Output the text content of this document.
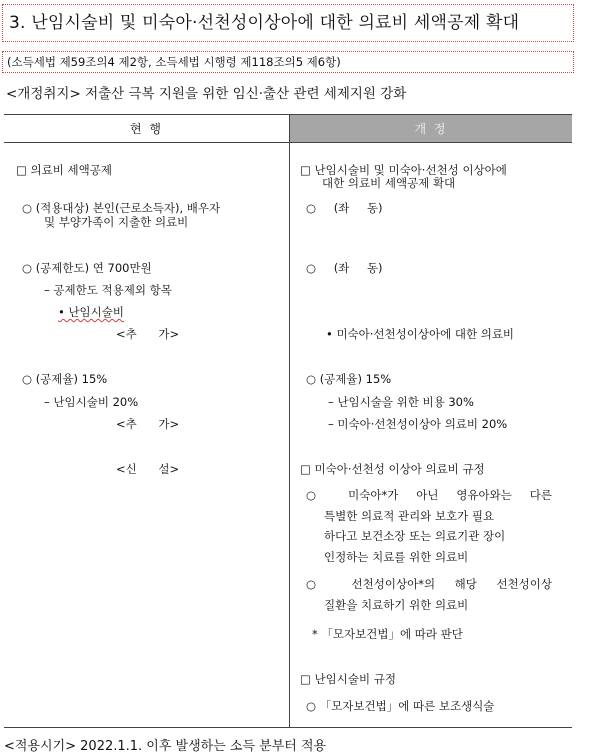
3. 난임시술비 및 미숙아·선천성이상아에 대한 의료비 세액공제 확대
(소득세법 제59조의4 제2항, 소득세법 시행령 제118조의5 제6항)
<개정취지> 저출산 극복 지원을 위한 임신·출산 관련 세제지원 강화
현 행	개 정
□ 의료비 세액공제
○ (적용대상) 본인(근로소득자), 배우자
및 부양가족이 지출한 의료비
○ (공제한도) 연 700만원
– 공제한도 적용제외 항목
• 난임시술비
<추 가>
○ (공제율) 15%
– 난임시술비 20%
<추 가>
<신 설>
□ 난임시술비 및 미숙아·선천성 이상아에
대한 의료비 세액공제 확대
○ (좌 동)
○ (좌 동)
• 미숙아·선천성이상아에 대한 의료비
○ (공제율) 15%
– 난임시술을 위한 비용 30%
– 미숙아·선천성이상아 의료비 20%
□ 미숙아·선천성 이상아 의료비 규정
○ 미숙아*가 아닌 영유아와는 다른
특별한 의료적 관리와 보호가 필요
하다고 보건소장 또는 의료기관 장이
인정하는 치료를 위한 의료비
○ 선천성이상아*의 해당 선천성이상
질환을 치료하기 위한 의료비
* 「모자보건법」에 따라 판단
□ 난임시술비 규정
○ 「모자보건법」에 따른 보조생식술
<적용시기> 2022.1.1. 이후 발생하는 소득 분부터 적용
